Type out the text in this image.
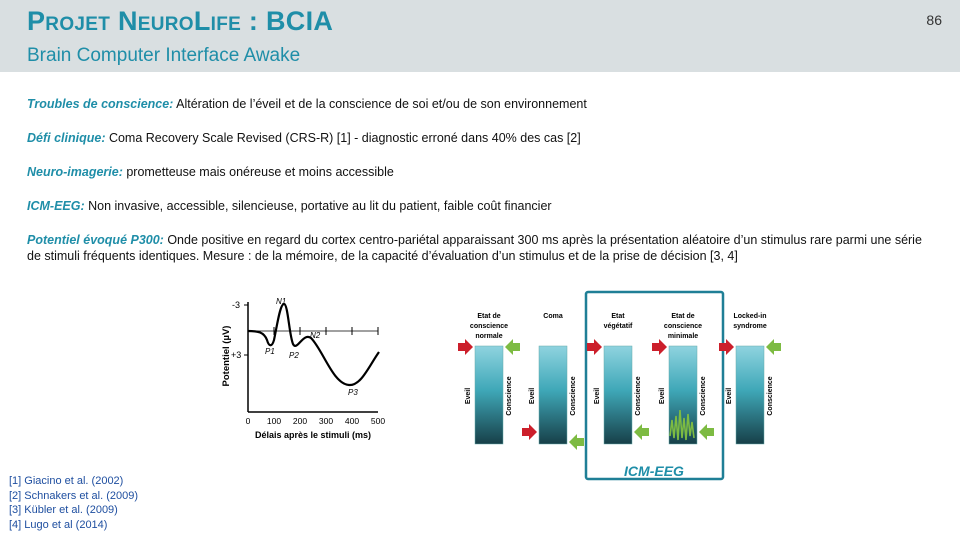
Projet NeuroLife : BCIA
Brain Computer Interface Awake
86
Troubles de conscience: Altération de l’éveil et de la conscience de soi et/ou de son environnement
Défi clinique: Coma Recovery Scale Revised (CRS-R) [1] - diagnostic erroné dans 40% des cas [2]
Neuro-imagerie: prometteuse mais onéreuse et moins accessible
ICM-EEG: Non invasive, accessible, silencieuse, portative au lit du patient, faible coût financier
Potentiel évoqué P300: Onde positive en regard du cortex centro-pariétal apparaissant 300 ms après la présentation aléatoire d’un stimulus rare parmi une série de stimuli fréquents identiques. Mesure : de la mémoire, de la capacité d’évaluation d’un stimulus et de la prise de décision [3, 4]
-3
+3
N1
P1
N2
P2
P3
0 100 200 300 400 500
Délais après le stimuli (ms)
Potentiel (µV)
ICM-EEG
Etat de conscience normale
Coma	Etat végétatif
Etat de conscience minimale
Locked-in syndrome
Eveil	Conscience Eveil	Conscience Eveil	Conscience Eveil	Conscience	Eveil	Conscience
[1] Giacino et al. (2002)
[2] Schnakers et al. (2009)
[3] Kübler et al. (2009)
[4] Lugo et al (2014)
